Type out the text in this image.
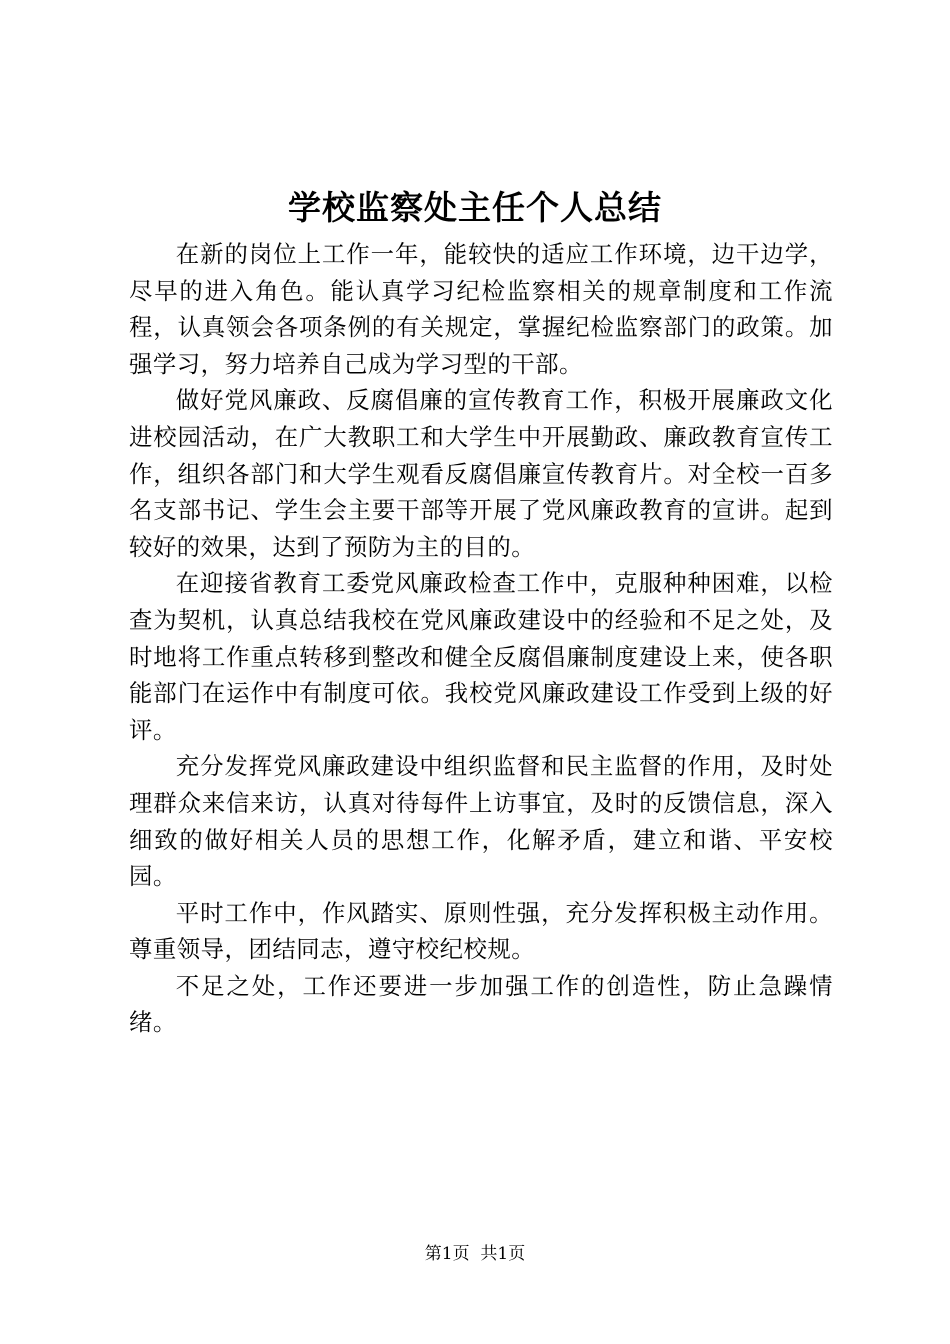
学校监察处主任个人总结

在新的岗位上工作一年，能较快的适应工作环境，边干边学，尽早的进入角色。能认真学习纪检监察相关的规章制度和工作流程，认真领会各项条例的有关规定，掌握纪检监察部门的政策。加强学习，努力培养自己成为学习型的干部。

做好党风廉政、反腐倡廉的宣传教育工作，积极开展廉政文化进校园活动，在广大教职工和大学生中开展勤政、廉政教育宣传工作，组织各部门和大学生观看反腐倡廉宣传教育片。对全校一百多名支部书记、学生会主要干部等开展了党风廉政教育的宣讲。起到较好的效果，达到了预防为主的目的。

在迎接省教育工委党风廉政检查工作中，克服种种困难，以检查为契机，认真总结我校在党风廉政建设中的经验和不足之处，及时地将工作重点转移到整改和健全反腐倡廉制度建设上来，使各职能部门在运作中有制度可依。我校党风廉政建设工作受到上级的好评。

充分发挥党风廉政建设中组织监督和民主监督的作用，及时处理群众来信来访，认真对待每件上访事宜，及时的反馈信息，深入细致的做好相关人员的思想工作，化解矛盾，建立和谐、平安校园。

平时工作中，作风踏实、原则性强，充分发挥积极主动作用。尊重领导，团结同志，遵守校纪校规。

不足之处，工作还要进一步加强工作的创造性，防止急躁情绪。

第1页 共1页
